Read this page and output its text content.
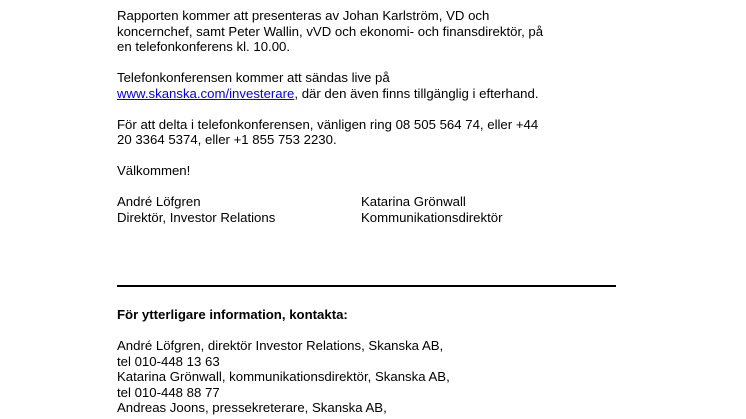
Rapporten kommer att presenteras av Johan Karlström, VD och

koncernchef, samt Peter Wallin, vVD och ekonomi- och finansdirektör, på

en telefonkonferens kl. 10.00.

Telefonkonferensen kommer att sändas live på

www.skanska.com/investerare, där den även finns tillgänglig i efterhand.

För att delta i telefonkonferensen, vänligen ring 08 505 564 74, eller +44

20 3364 5374, eller +1 855 753 2230.

Välkommen!

André Löfgren

Direktör, Investor Relations

Katarina Grönwall

Kommunikationsdirektör

För ytterligare information, kontakta:

André Löfgren, direktör Investor Relations, Skanska AB,

tel 010-448 13 63

Katarina Grönwall, kommunikationsdirektör, Skanska AB,

tel 010-448 88 77

Andreas Joons, pressekreterare, Skanska AB,
